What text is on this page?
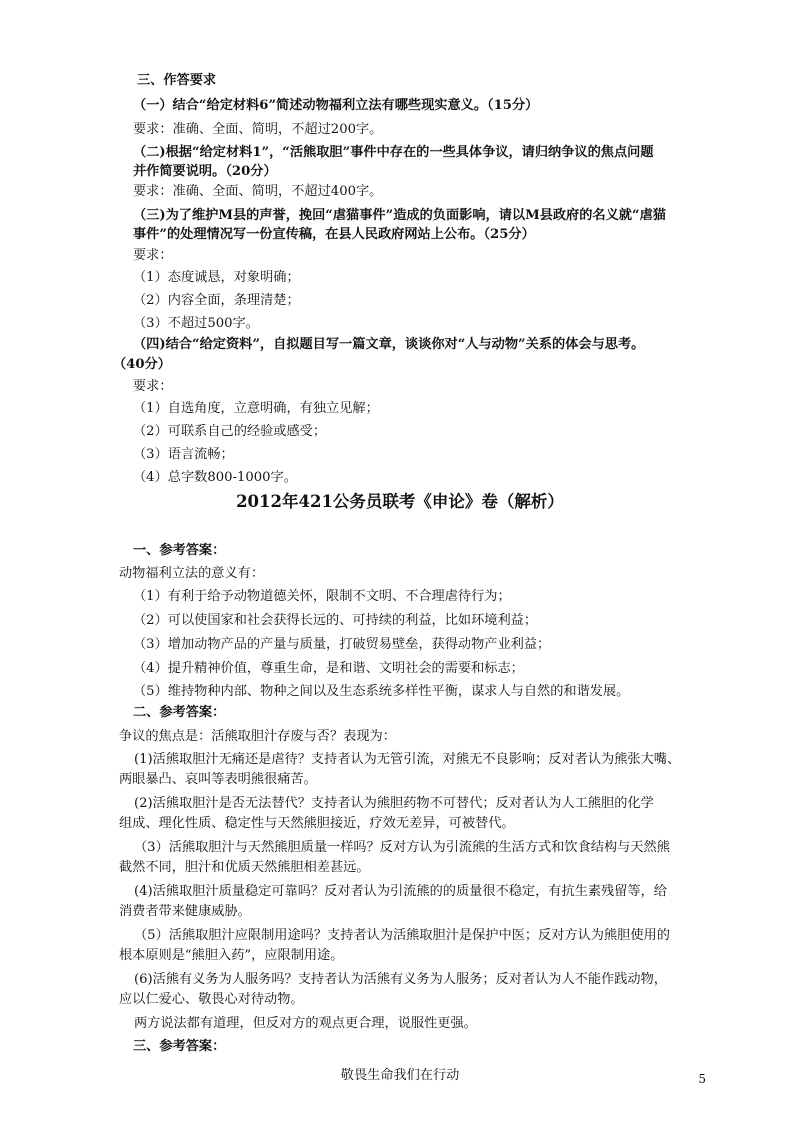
三、作答要求
（一）结合“给定材料6”简述动物福利立法有哪些现实意义。（15分）
要求：准确、全面、简明，不超过200字。
（二)根据“给定材料1”，“活熊取胆”事件中存在的一些具体争议，请归纳争议的焦点问题
并作简要说明。（20分）
要求：准确、全面、简明，不超过400字。
（三)为了维护M县的声誉，挽回“虐猫事件”造成的负面影响，请以M县政府的名义就“虐猫
事件”的处理情况写一份宣传稿，在县人民政府网站上公布。（25分）
要求：
（1）态度诚恳，对象明确；
（2）内容全面，条理清楚；
（3）不超过500字。
（四)结合“给定资料”，自拟题目写一篇文章，谈谈你对“人与动物”关系的体会与思考。
（40分）
要求：
（1）自选角度，立意明确，有独立见解；
（2）可联系自己的经验或感受；
（3）语言流畅；
（4）总字数800-1000字。
2012年421公务员联考《申论》卷（解析）
一、参考答案：
动物福利立法的意义有：
（1）有利于给予动物道德关怀，限制不文明、不合理虐待行为；
（2）可以使国家和社会获得长远的、可持续的利益，比如环境利益；
（3）增加动物产品的产量与质量，打破贸易壁垒，获得动物产业利益；
（4）提升精神价值，尊重生命，是和谐、文明社会的需要和标志；
（5）维持物种内部、物种之间以及生态系统多样性平衡，谋求人与自然的和谐发展。
二、参考答案：
争议的焦点是：活熊取胆汁存废与否？表现为：
(1)活熊取胆汁无痛还是虐待？支持者认为无管引流，对熊无不良影响；反对者认为熊张大嘴、
两眼暴凸、哀叫等表明熊很痛苦。
(2)活熊取胆汁是否无法替代？支持者认为熊胆药物不可替代；反对者认为人工熊胆的化学
组成、理化性质、稳定性与天然熊胆接近，疗效无差异，可被替代。
（3）活熊取胆汁与天然熊胆质量一样吗？反对方认为引流熊的生活方式和饮食结构与天然熊
截然不同，胆汁和优质天然熊胆相差甚远。
(4)活熊取胆汁质量稳定可靠吗？反对者认为引流熊的的质量很不稳定，有抗生素残留等，给
消费者带来健康威胁。
（5）活熊取胆汁应限制用途吗？支持者认为活熊取胆汁是保护中医；反对方认为熊胆使用的
根本原则是“熊胆入药”，应限制用途。
(6)活熊有义务为人服务吗？支持者认为活熊有义务为人服务；反对者认为人不能作践动物，
应以仁爱心、敬畏心对待动物。
两方说法都有道理，但反对方的观点更合理，说服性更强。
三、参考答案：
敬畏生命我们在行动	5
